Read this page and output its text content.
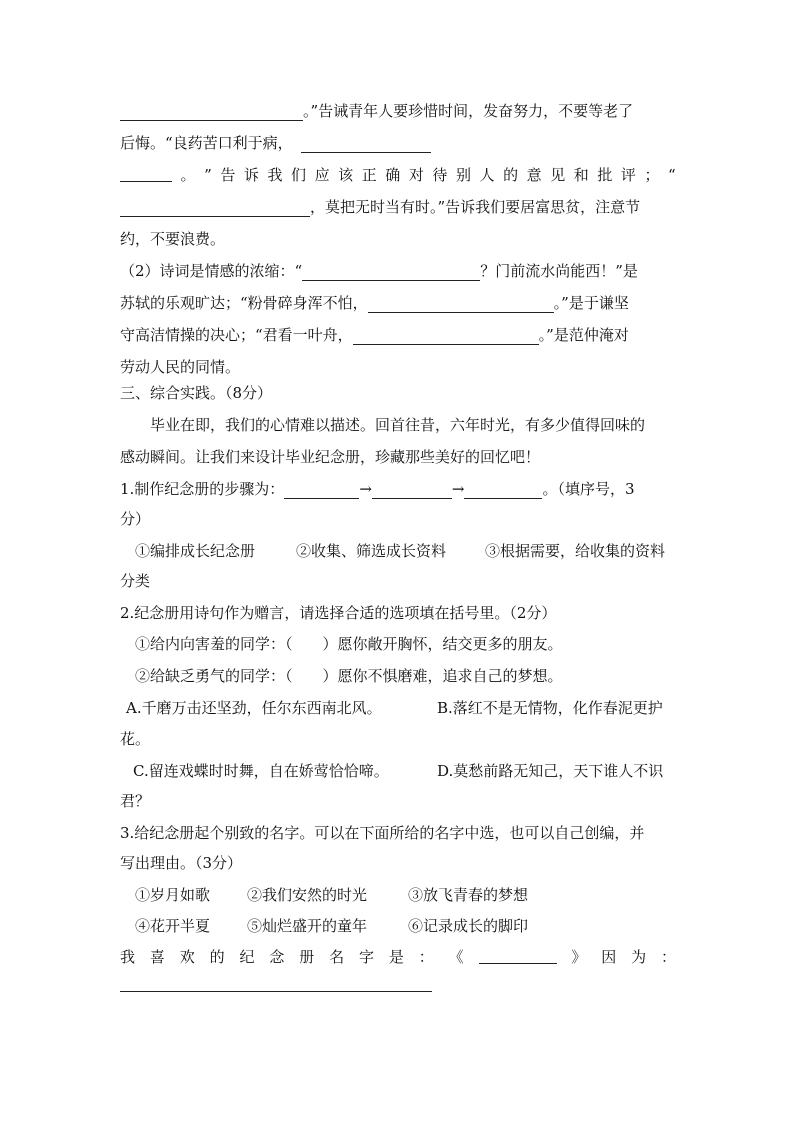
。”告诫青年人要珍惜时间，发奋努力，不要等老了
后悔。“良药苦口利于病，
。 ” 告 诉 我 们 应 该 正 确 对 待 别 人 的 意 见 和 批 评 ； “
，莫把无时当有时。”告诉我们要居富思贫，注意节
约，不要浪费。
（2）诗词是情感的浓缩：“	？门前流水尚能西！”是
苏轼的乐观旷达；“粉骨碎身浑不怕，	。”是于谦坚
守高洁情操的决心；“君看一叶舟，	。”是范仲淹对
劳动人民的同情。
三、综合实践。（8分）
毕业在即，我们的心情难以描述。回首往昔，六年时光，有多少值得回味的
感动瞬间。让我们来设计毕业纪念册，珍藏那些美好的回忆吧！
1.制作纪念册的步骤为：	→	→	。（填序号，3
分）
①编排成长纪念册	②收集、筛选成长资料	③根据需要，给收集的资料
分类
2.纪念册用诗句作为赠言，请选择合适的选项填在括号里。（2分）
①给内向害羞的同学：（　　）愿你敞开胸怀，结交更多的朋友。
②给缺乏勇气的同学：（　　）愿你不惧磨难，追求自己的梦想。
A.千磨万击还坚劲，任尔东西南北风。	B.落红不是无情物，化作春泥更护
花。
C.留连戏蝶时时舞，自在娇莺恰恰啼。	D.莫愁前路无知己，天下谁人不识
君？
3.给纪念册起个别致的名字。可以在下面所给的名字中选，也可以自己创编，并
写出理由。（3分）
①岁月如歌 ②我们安然的时光	③放飞青春的梦想
④花开半夏 ⑤灿烂盛开的童年	⑥记录成长的脚印
我 喜 欢 的 纪 念 册 名 字 是 ： 《	》 因 为 ：
